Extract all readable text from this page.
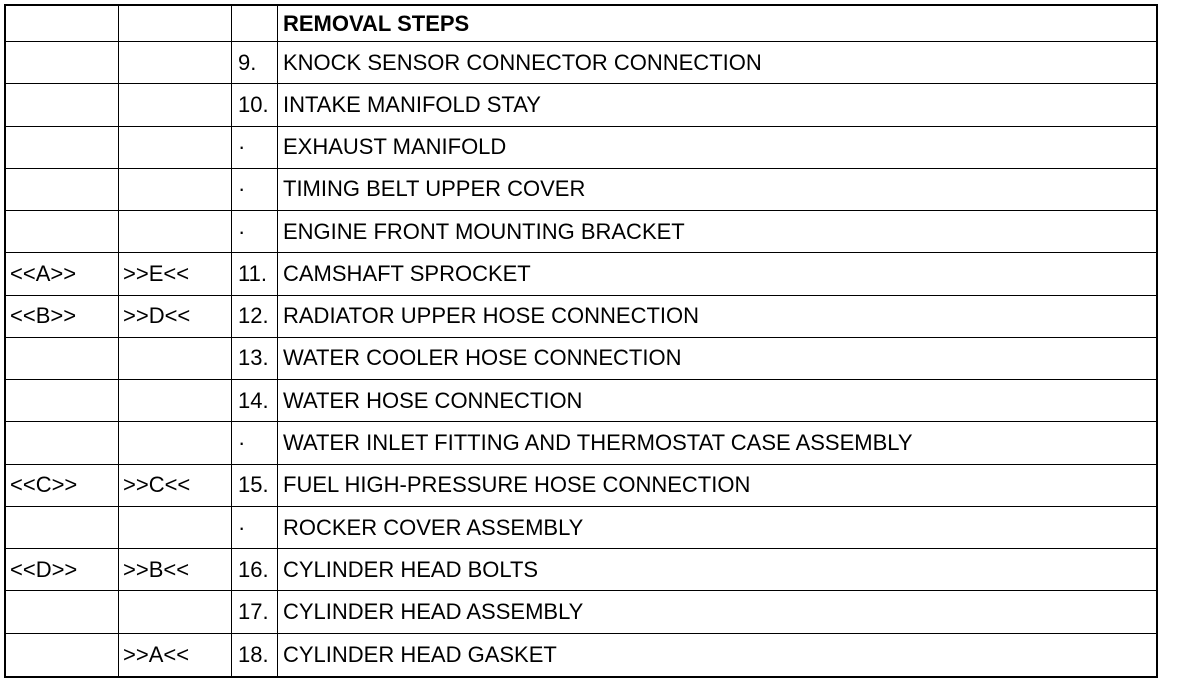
REMOVAL STEPS
9.	KNOCK SENSOR CONNECTOR CONNECTION
10. INTAKE MANIFOLD STAY
·	EXHAUST MANIFOLD
·	TIMING BELT UPPER COVER
·	ENGINE FRONT MOUNTING BRACKET
<<A>>	>>E<<	11. CAMSHAFT SPROCKET
<<B>>	>>D<<	12. RADIATOR UPPER HOSE CONNECTION
13. WATER COOLER HOSE CONNECTION
14. WATER HOSE CONNECTION
·	WATER INLET FITTING AND THERMOSTAT CASE ASSEMBLY
<<C>>	>>C<<	15. FUEL HIGH-PRESSURE HOSE CONNECTION
·	ROCKER COVER ASSEMBLY
<<D>>	>>B<<	16. CYLINDER HEAD BOLTS
17. CYLINDER HEAD ASSEMBLY
>>A<<	18. CYLINDER HEAD GASKET
